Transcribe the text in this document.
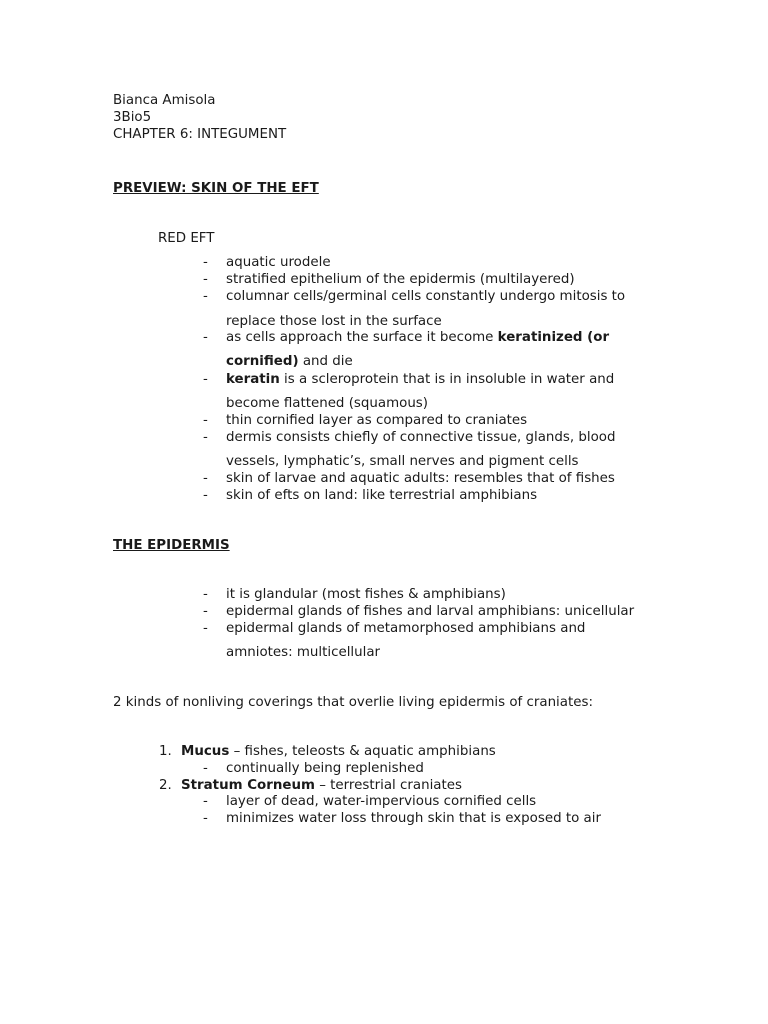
Bianca Amisola
3Bio5
CHAPTER 6: INTEGUMENT
PREVIEW: SKIN OF THE EFT
RED EFT
- aquatic urodele
- stratified epithelium of the epidermis (multilayered)
- columnar cells/germinal cells constantly undergo mitosis to
replace those lost in the surface
- as cells approach the surface it become keratinized (or
cornified) and die
- keratin is a scleroprotein that is in insoluble in water and
become flattened (squamous)
- thin cornified layer as compared to craniates
- dermis consists chiefly of connective tissue, glands, blood
vessels, lymphatic’s, small nerves and pigment cells
- skin of larvae and aquatic adults: resembles that of fishes
- skin of efts on land: like terrestrial amphibians
THE EPIDERMIS
- it is glandular (most fishes & amphibians)
- epidermal glands of fishes and larval amphibians: unicellular
- epidermal glands of metamorphosed amphibians and
amniotes: multicellular
2 kinds of nonliving coverings that overlie living epidermis of craniates:
1. Mucus – fishes, teleosts & aquatic amphibians
- continually being replenished
2. Stratum Corneum – terrestrial craniates
- layer of dead, water-impervious cornified cells
- minimizes water loss through skin that is exposed to air
